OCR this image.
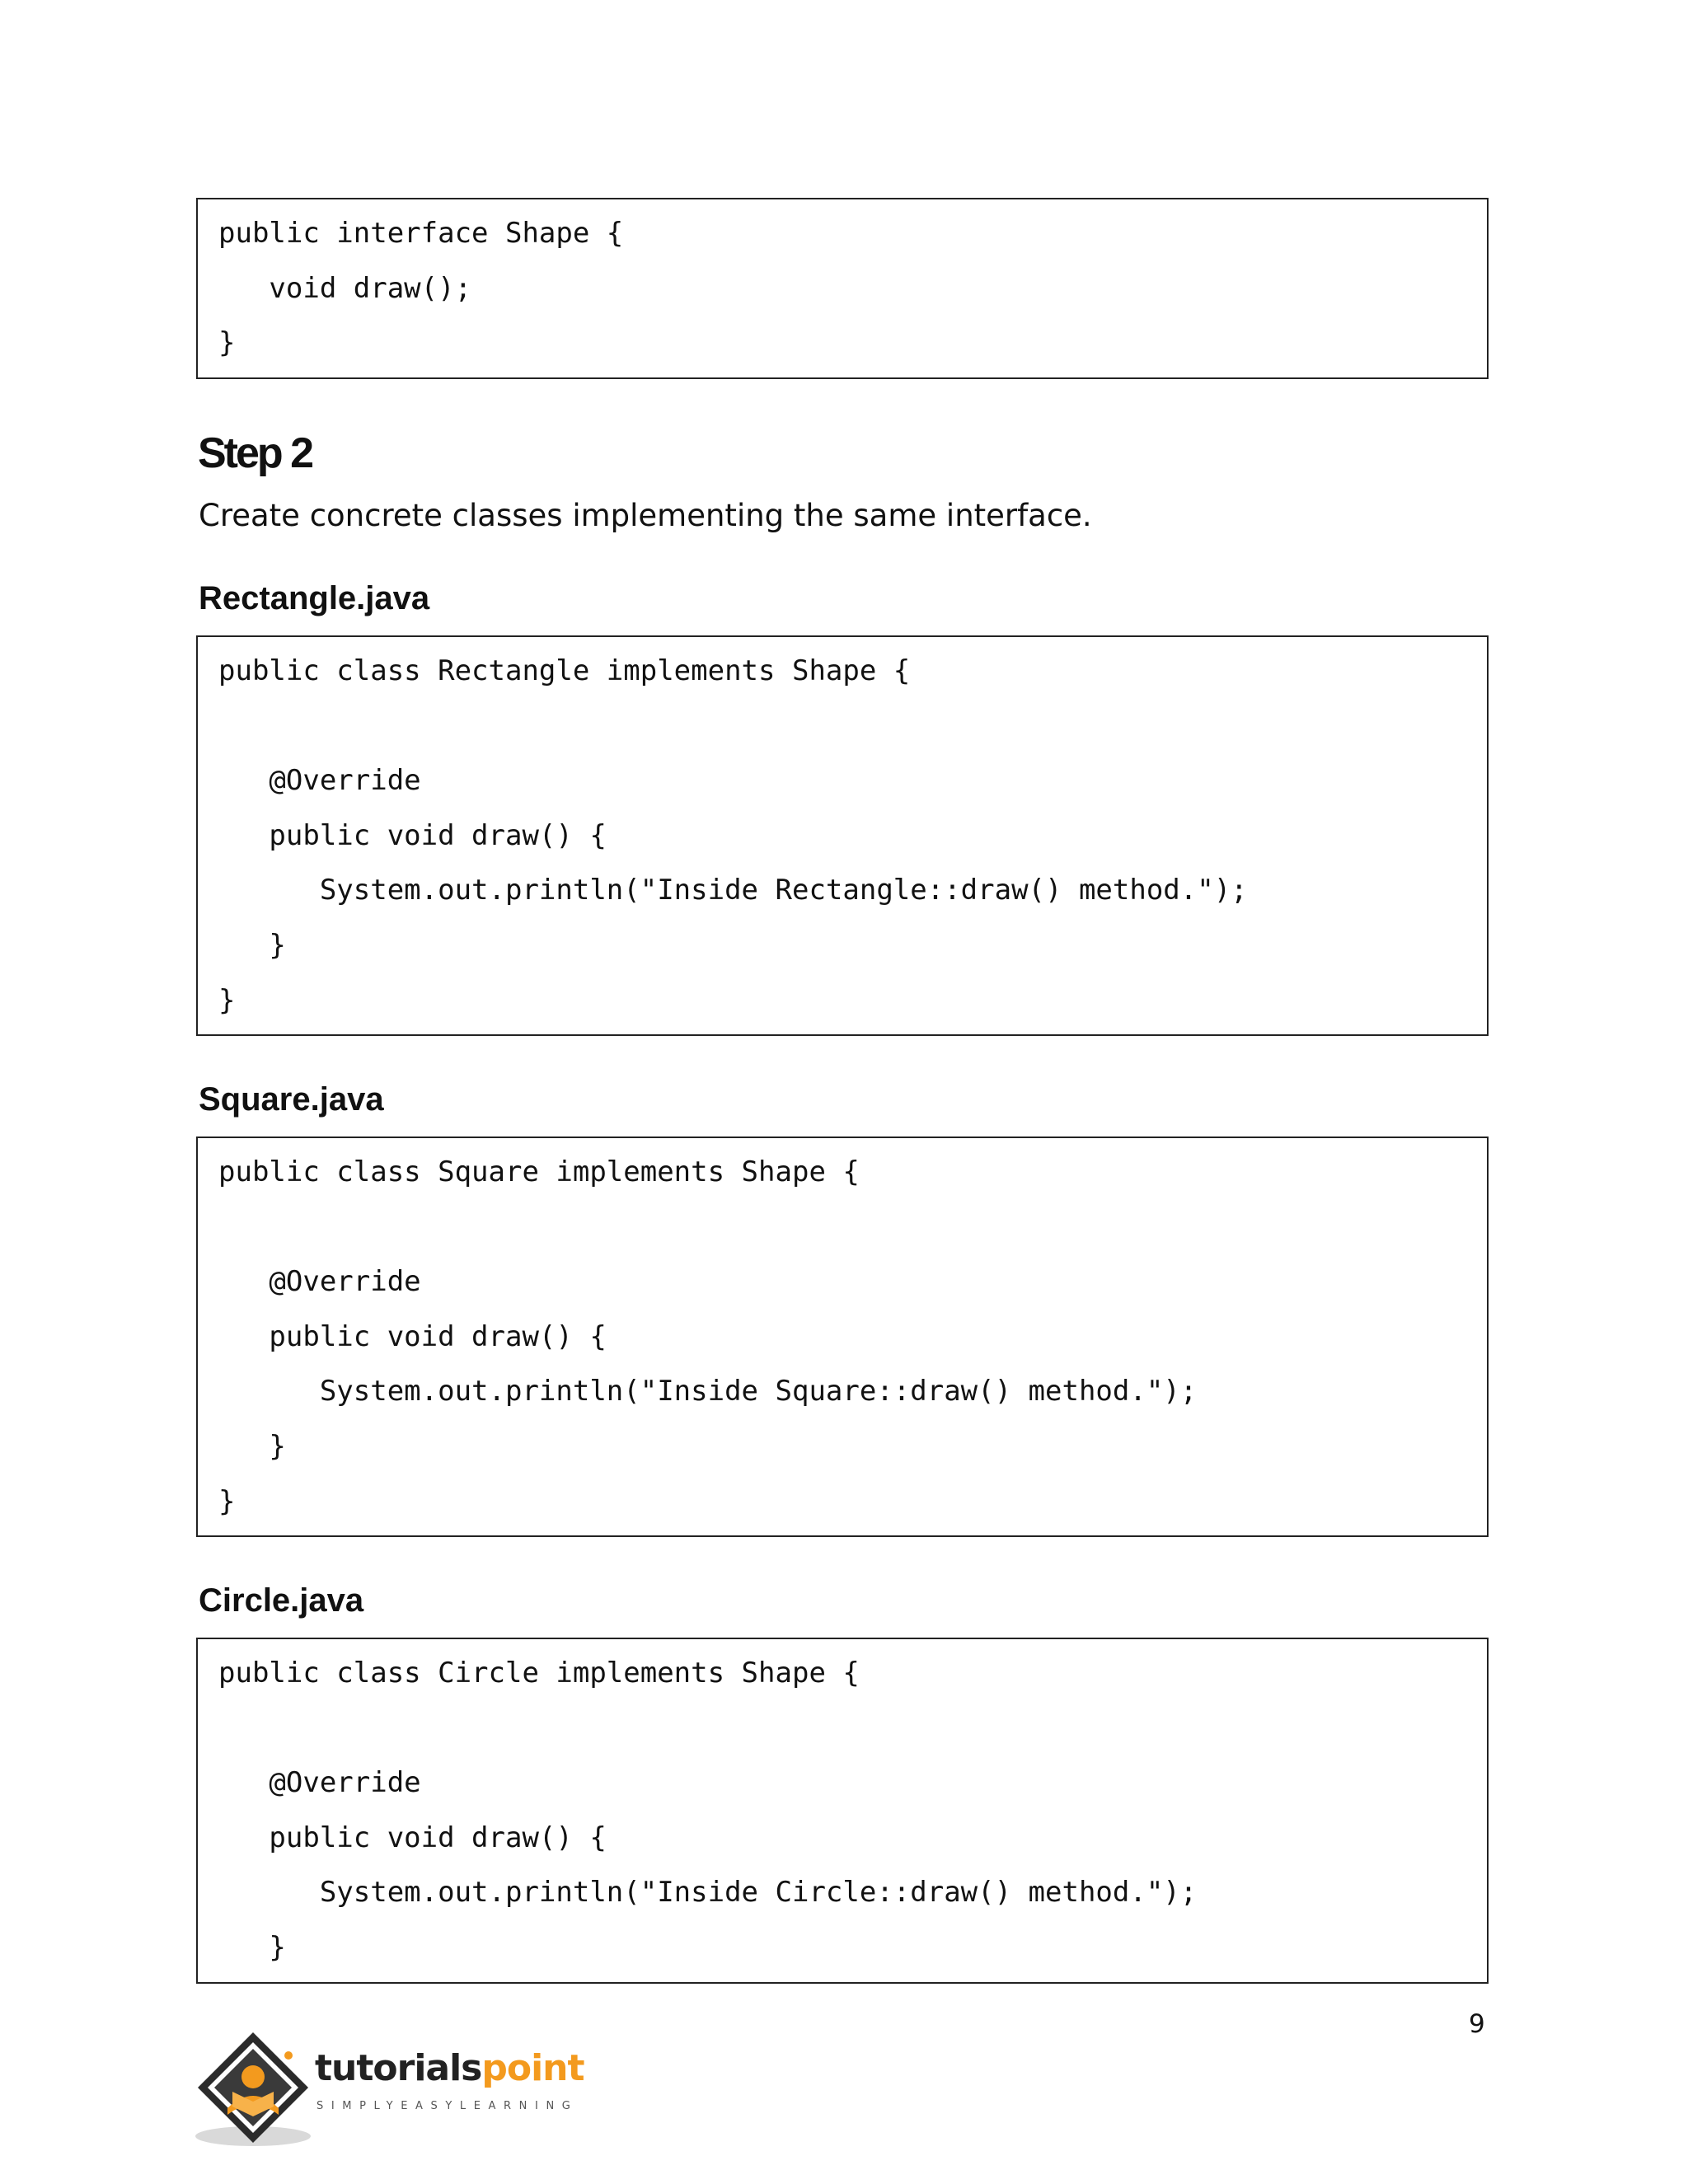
public interface Shape {
void draw();
}
Step 2

Create concrete classes implementing the same interface.

Rectangle.java
public class Rectangle implements Shape {
@Override
public void draw() {
System.out.println("Inside Rectangle::draw() method.");
}
}
Square.java
public class Square implements Shape {
@Override
public void draw() {
System.out.println("Inside Square::draw() method.");
}
}
Circle.java
public class Circle implements Shape {
@Override
public void draw() {
System.out.println("Inside Circle::draw() method.");
}
9
tutorialspoint
SIMPLYEASYLEARNING
